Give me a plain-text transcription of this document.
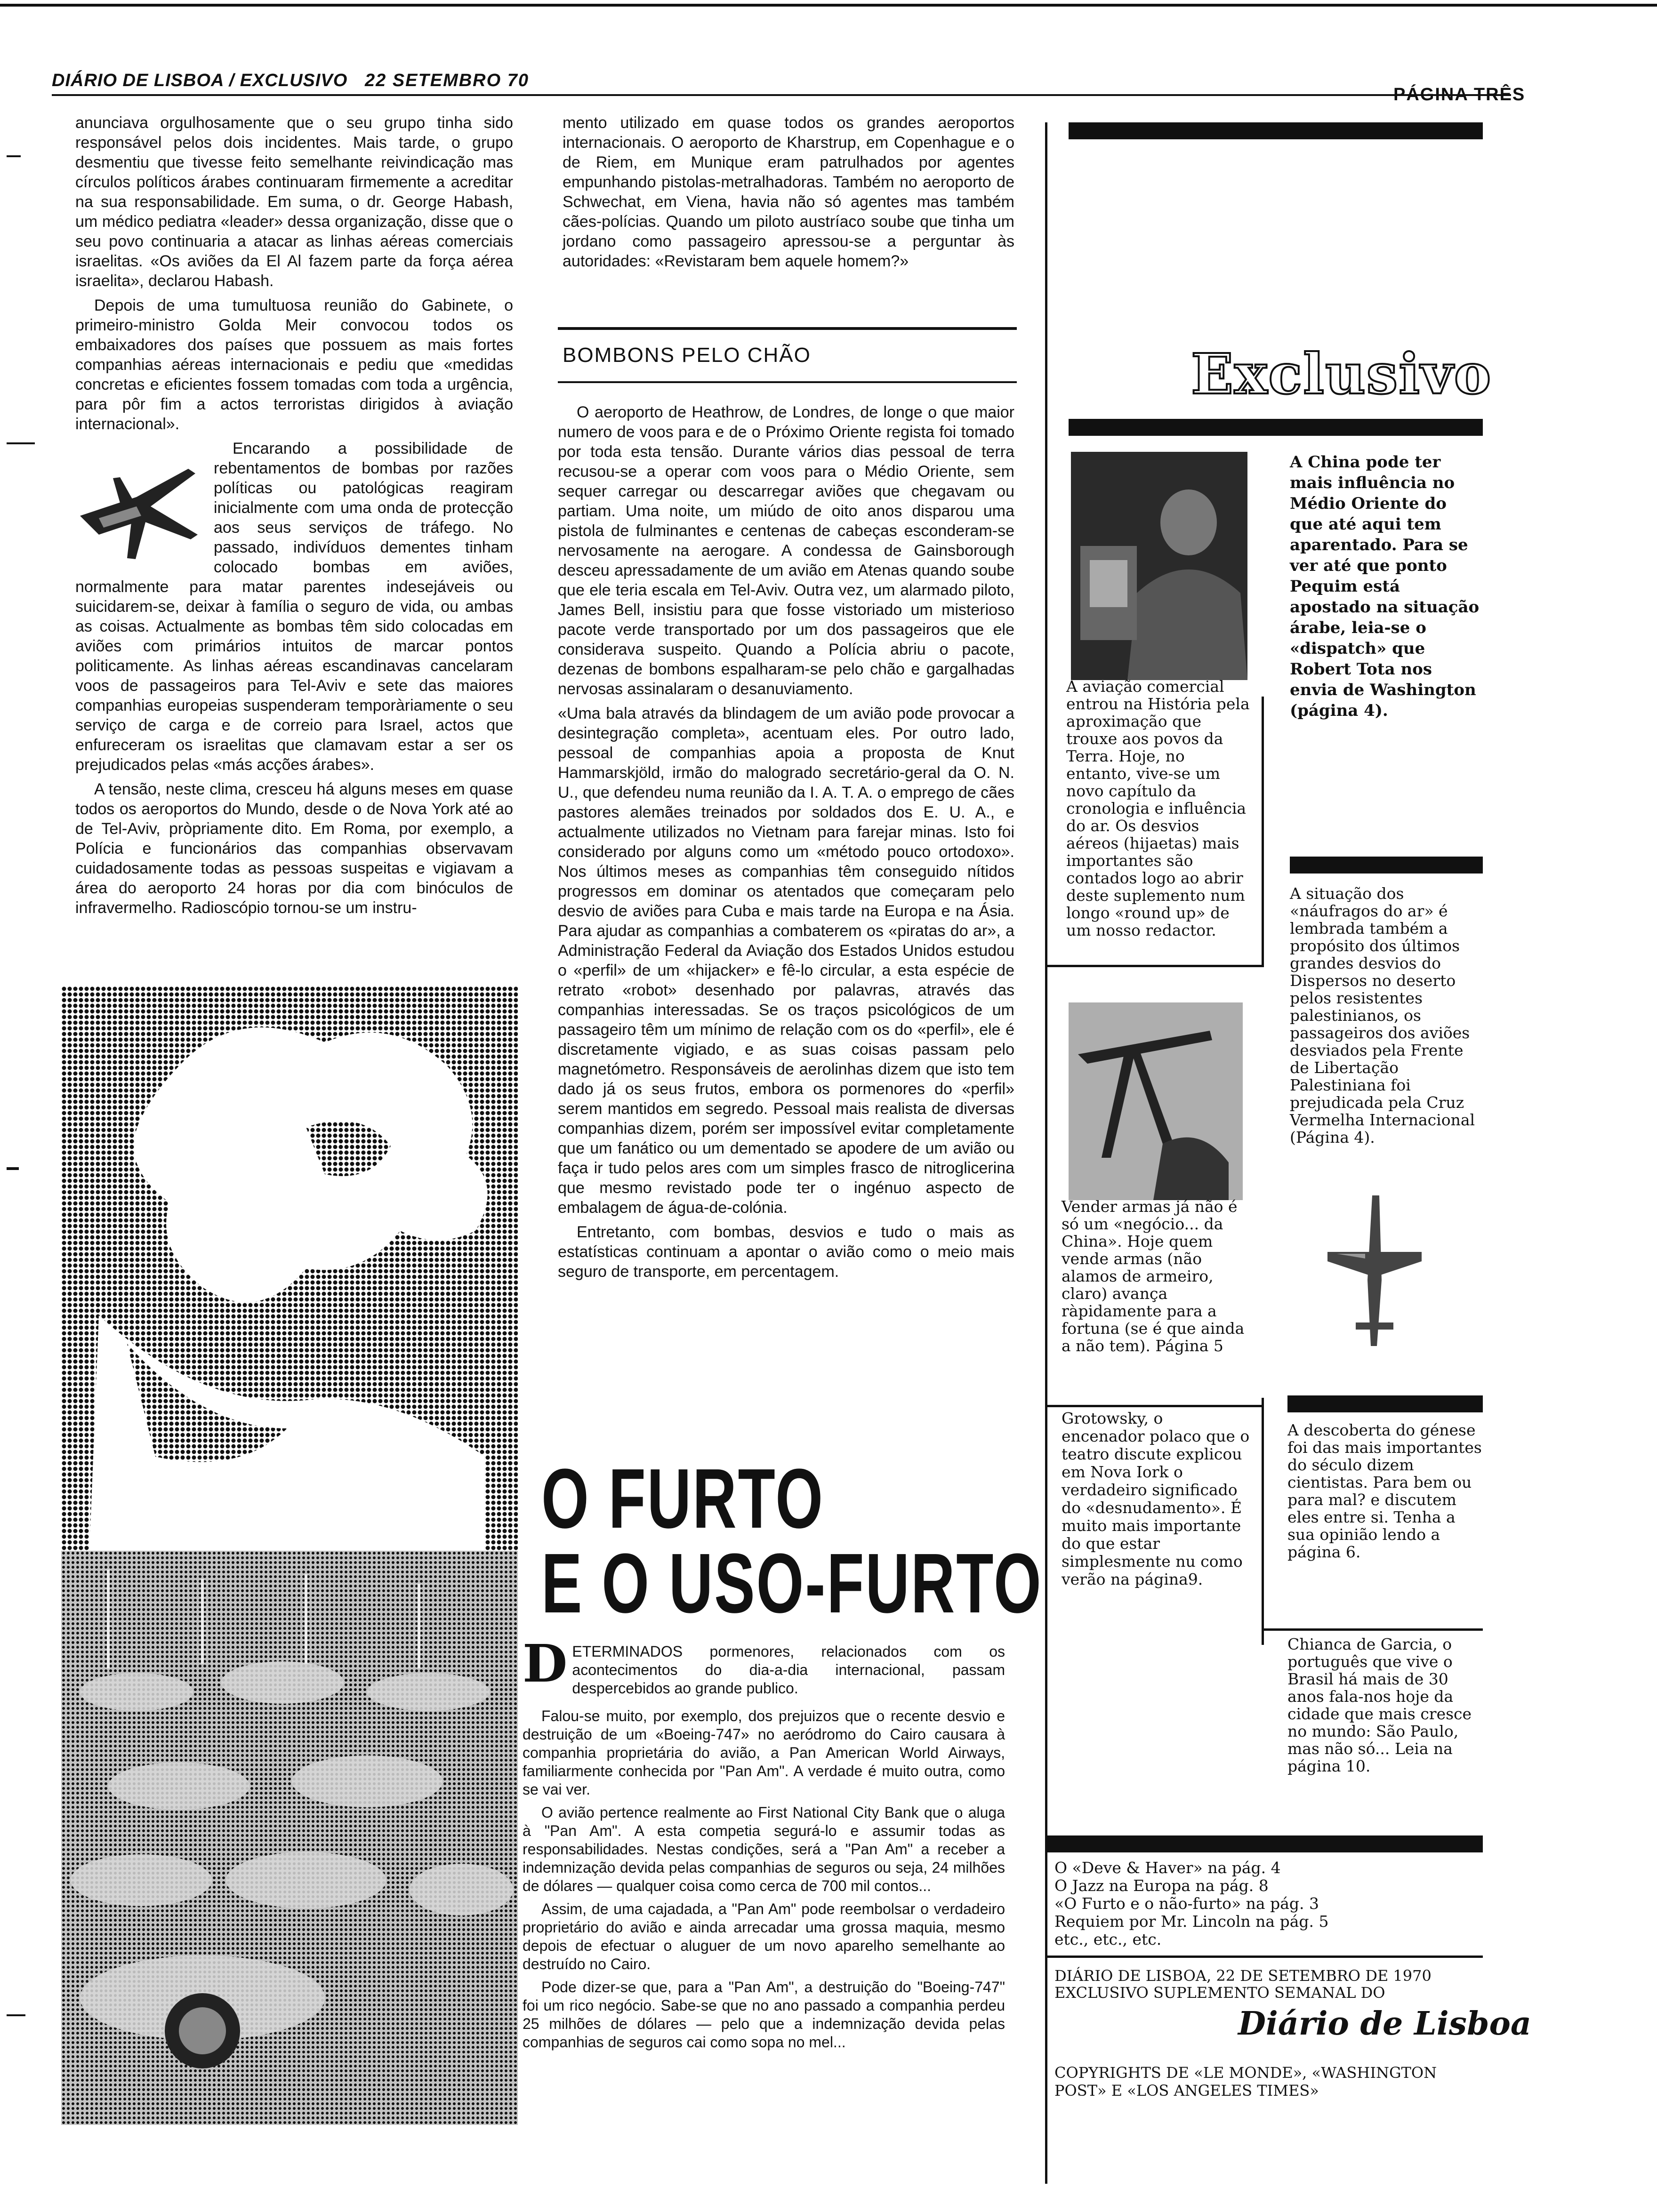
DIÁRIO DE LISBOA / EXCLUSIVO 22 SETEMBRO 70
PÁGINA TRÊS

anunciava orgulhosamente que o seu grupo tinha sido responsável pelos dois incidentes. Mais tarde, o grupo desmentiu que tivesse feito semelhante reivindicação mas círculos políticos árabes continuaram firmemente a acreditar na sua responsabilidade. Em suma, o dr. George Habash, um médico pediatra «leader» dessa organização, disse que o seu povo continuaria a atacar as linhas aéreas comerciais israelitas. «Os aviões da El Al fazem parte da força aérea israelita», declarou Habash.

Depois de uma tumultuosa reunião do Gabinete, o primeiro-ministro Golda Meir convocou todos os embaixadores dos países que possuem as mais fortes companhias aéreas internacionais e pediu que «medidas concretas e eficientes fossem tomadas com toda a urgência, para pôr fim a actos terroristas dirigidos à aviação internacional».

Encarando a possibilidade de rebentamentos de bombas por razões políticas ou patológicas reagiram inicialmente com uma onda de protecção aos seus serviços de tráfego. No passado, indivíduos dementes tinham colocado bombas em aviões, normalmente para matar parentes indesejáveis ou suicidarem-se, deixar à família o seguro de vida, ou ambas as coisas. Actualmente as bombas têm sido colocadas em aviões com primários intuitos de marcar pontos politicamente. As linhas aéreas escandinavas cancelaram voos de passageiros para Tel-Aviv e sete das maiores companhias europeias suspenderam temporàriamente o seu serviço de carga e de correio para Israel, actos que enfureceram os israelitas que clamavam estar a ser os prejudicados pelas «más acções árabes».

A tensão, neste clima, cresceu há alguns meses em quase todos os aeroportos do Mundo, desde o de Nova York até ao de Tel-Aviv, pròpriamente dito. Em Roma, por exemplo, a Polícia e funcionários das companhias observavam cuidadosamente todas as pessoas suspeitas e vigiavam a área do aeroporto 24 horas por dia com binóculos de infravermelho. Radioscópio tornou-se um instru-

mento utilizado em quase todos os grandes aeroportos internacionais. O aeroporto de Kharstrup, em Copenhague e o de Riem, em Munique eram patrulhados por agentes empunhando pistolas-metralhadoras. Também no aeroporto de Schwechat, em Viena, havia não só agentes mas também cães-polícias. Quando um piloto austríaco soube que tinha um jordano como passageiro apressou-se a perguntar às autoridades: «Revistaram bem aquele homem?»
BOMBONS PELO CHÃO

O aeroporto de Heathrow, de Londres, de longe o que maior numero de voos para e de o Próximo Oriente regista foi tomado por toda esta tensão. Durante vários dias pessoal de terra recusou-se a operar com voos para o Médio Oriente, sem sequer carregar ou descarregar aviões que chegavam ou partiam. Uma noite, um miúdo de oito anos disparou uma pistola de fulminantes e centenas de cabeças esconderam-se nervosamente na aerogare. A condessa de Gainsborough desceu apressadamente de um avião em Atenas quando soube que ele teria escala em Tel-Aviv. Outra vez, um alarmado piloto, James Bell, insistiu para que fosse vistoriado um misterioso pacote verde transportado por um dos passageiros que ele considerava suspeito. Quando a Polícia abriu o pacote, dezenas de bombons espalharam-se pelo chão e gargalhadas nervosas assinalaram o desanuviamento.

«Uma bala através da blindagem de um avião pode provocar a desintegração completa», acentuam eles. Por outro lado, pessoal de companhias apoia a proposta de Knut Hammarskjöld, irmão do malogrado secretário-geral da O. N. U., que defendeu numa reunião da I. A. T. A. o emprego de cães pastores alemães treinados por soldados dos E. U. A., e actualmente utilizados no Vietnam para farejar minas. Isto foi considerado por alguns como um «método pouco ortodoxo». Nos últimos meses as companhias têm conseguido nítidos progressos em dominar os atentados que começaram pelo desvio de aviões para Cuba e mais tarde na Europa e na Ásia. Para ajudar as companhias a combaterem os «piratas do ar», a Administração Federal da Aviação dos Estados Unidos estudou o «perfil» de um «hijacker» e fê-lo circular, a esta espécie de retrato «robot» desenhado por palavras, através das companhias interessadas. Se os traços psicológicos de um passageiro têm um mínimo de relação com os do «perfil», ele é discretamente vigiado, e as suas coisas passam pelo magnetómetro. Responsáveis de aerolinhas dizem que isto tem dado já os seus frutos, embora os pormenores do «perfil» serem mantidos em segredo. Pessoal mais realista de diversas companhias dizem, porém ser impossível evitar completamente que um fanático ou um dementado se apodere de um avião ou faça ir tudo pelos ares com um simples frasco de nitroglicerina que mesmo revistado pode ter o ingénuo aspecto de embalagem de água-de-colónia.

Entretanto, com bombas, desvios e tudo o mais as estatísticas continuam a apontar o avião como o meio mais seguro de transporte, em percentagem.

O FURTO
E O USO-FURTO

D ETERMINADOS pormenores, relacionados com os acontecimentos do dia-a-dia internacional, passam despercebidos ao grande publico.

Falou-se muito, por exemplo, dos prejuizos que o recente desvio e destruição de um «Boeing-747» no aeródromo do Cairo causara à companhia proprietária do avião, a Pan American World Airways, familiarmente conhecida por "Pan Am". A verdade é muito outra, como se vai ver.

O avião pertence realmente ao First National City Bank que o aluga à "Pan Am". A esta competia segurá-lo e assumir todas as responsabilidades. Nestas condições, será a "Pan Am" a receber a indemnização devida pelas companhias de seguros ou seja, 24 milhões de dólares — qualquer coisa como cerca de 700 mil contos...

Assim, de uma cajadada, a "Pan Am" pode reembolsar o verdadeiro proprietário do avião e ainda arrecadar uma grossa maquia, mesmo depois de efectuar o aluguer de um novo aparelho semelhante ao destruído no Cairo.

Pode dizer-se que, para a "Pan Am", a destruição do "Boeing-747" foi um rico negócio. Sabe-se que no ano passado a companhia perdeu 25 milhões de dólares — pelo que a indemnização devida pelas companhias de seguros cai como sopa no mel...

Exclusivo
A China pode ter mais influência no Médio Oriente do que até aqui tem aparentado. Para se ver até que ponto Pequim está apostado na situação árabe, leia-se o «dispatch» que Robert Tota nos envia de Washington (página 4).
A aviação comercial entrou na História pela aproximação que trouxe aos povos da Terra. Hoje, no entanto, vive-se um novo capítulo da cronologia e influência do ar. Os desvios aéreos (hijaetas) mais importantes são contados logo ao abrir deste suplemento num longo «round up» de um nosso redactor.
A situação dos «náufragos do ar» é lembrada também a propósito dos últimos grandes desvios do Dispersos no deserto pelos resistentes palestinianos, os passageiros dos aviões desviados pela Frente de Libertação Palestiniana foi prejudicada pela Cruz Vermelha Internacional (Página 4).
Vender armas já não é só um «negócio... da China». Hoje quem vende armas (não alamos de armeiro, claro) avança ràpidamente para a fortuna (se é que ainda a não tem). Página 5
Grotowsky, o encenador polaco que o teatro discute explicou em Nova Iork o verdadeiro significado do «desnudamento». É muito mais importante do que estar simplesmente nu como verão na página9.
A descoberta do génese foi das mais importantes do século dizem cientistas. Para bem ou para mal? e discutem eles entre si. Tenha a sua opinião lendo a página 6.
Chianca de Garcia, o português que vive o Brasil há mais de 30 anos fala-nos hoje da cidade que mais cresce no mundo: São Paulo, mas não só... Leia na página 10.
O «Deve & Haver» na pág. 4
O Jazz na Europa na pág. 8
«O Furto e o não-furto» na pág. 3
Requiem por Mr. Lincoln na pág. 5
etc., etc., etc.
DIÁRIO DE LISBOA, 22 DE SETEMBRO DE 1970
EXCLUSIVO SUPLEMENTO SEMANAL DO
Diário de Lisboa
COPYRIGHTS DE «LE MONDE», «WASHINGTON POST» E «LOS ANGELES TIMES»
